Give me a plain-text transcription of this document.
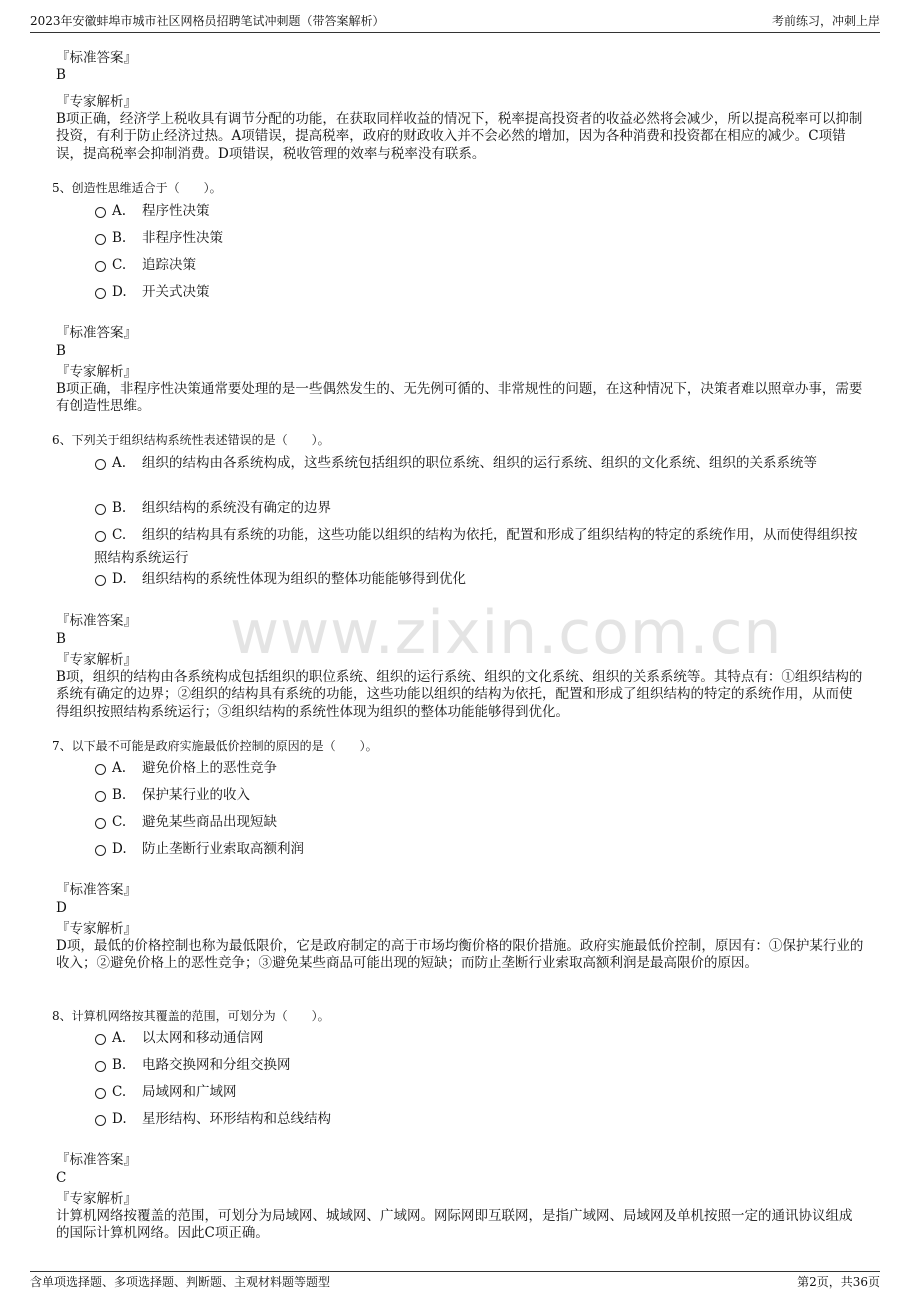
2023年安徽蚌埠市城市社区网格员招聘笔试冲刺题（带答案解析）	考前练习，冲刺上岸
www.zixin.com.cn
『标准答案』
B
『专家解析』
B项正确，经济学上税收具有调节分配的功能，在获取同样收益的情况下，税率提高投资者的收益必然将会减少，所以提高税率可以抑制投资，有利于防止经济过热。A项错误，提高税率，政府的财政收入并不会必然的增加，因为各种消费和投资都在相应的减少。C项错误，提高税率会抑制消费。D项错误，税收管理的效率与税率没有联系。
5、创造性思维适合于（　　）。
A. 程序性决策
B. 非程序性决策
C. 追踪决策
D. 开关式决策
『标准答案』
B
『专家解析』
B项正确，非程序性决策通常要处理的是一些偶然发生的、无先例可循的、非常规性的问题，在这种情况下，决策者难以照章办事，需要有创造性思维。
6、下列关于组织结构系统性表述错误的是（　　）。
A. 组织的结构由各系统构成，这些系统包括组织的职位系统、组织的运行系统、组织的文化系统、组织的关系系统等
B. 组织结构的系统没有确定的边界
C. 组织的结构具有系统的功能，这些功能以组织的结构为依托，配置和形成了组织结构的特定的系统作用，从而使得组织按照结构系统运行
D. 组织结构的系统性体现为组织的整体功能能够得到优化
『标准答案』
B
『专家解析』
B项，组织的结构由各系统构成包括组织的职位系统、组织的运行系统、组织的文化系统、组织的关系系统等。其特点有：①组织结构的系统有确定的边界；②组织的结构具有系统的功能，这些功能以组织的结构为依托，配置和形成了组织结构的特定的系统作用，从而使得组织按照结构系统运行；③组织结构的系统性体现为组织的整体功能能够得到优化。
7、以下最不可能是政府实施最低价控制的原因的是（　　）。
A. 避免价格上的恶性竞争
B. 保护某行业的收入
C. 避免某些商品出现短缺
D. 防止垄断行业索取高额利润
『标准答案』
D
『专家解析』
D项，最低的价格控制也称为最低限价，它是政府制定的高于市场均衡价格的限价措施。政府实施最低价控制，原因有：①保护某行业的收入；②避免价格上的恶性竞争；③避免某些商品可能出现的短缺；而防止垄断行业索取高额利润是最高限价的原因。
8、计算机网络按其覆盖的范围，可划分为（　　）。
A. 以太网和移动通信网
B. 电路交换网和分组交换网
C. 局域网和广域网
D. 星形结构、环形结构和总线结构
『标准答案』
C
『专家解析』
计算机网络按覆盖的范围，可划分为局域网、城域网、广域网。网际网即互联网，是指广域网、局域网及单机按照一定的通讯协议组成的国际计算机网络。因此C项正确。
含单项选择题、多项选择题、判断题、主观材料题等题型	第2页，共36页
